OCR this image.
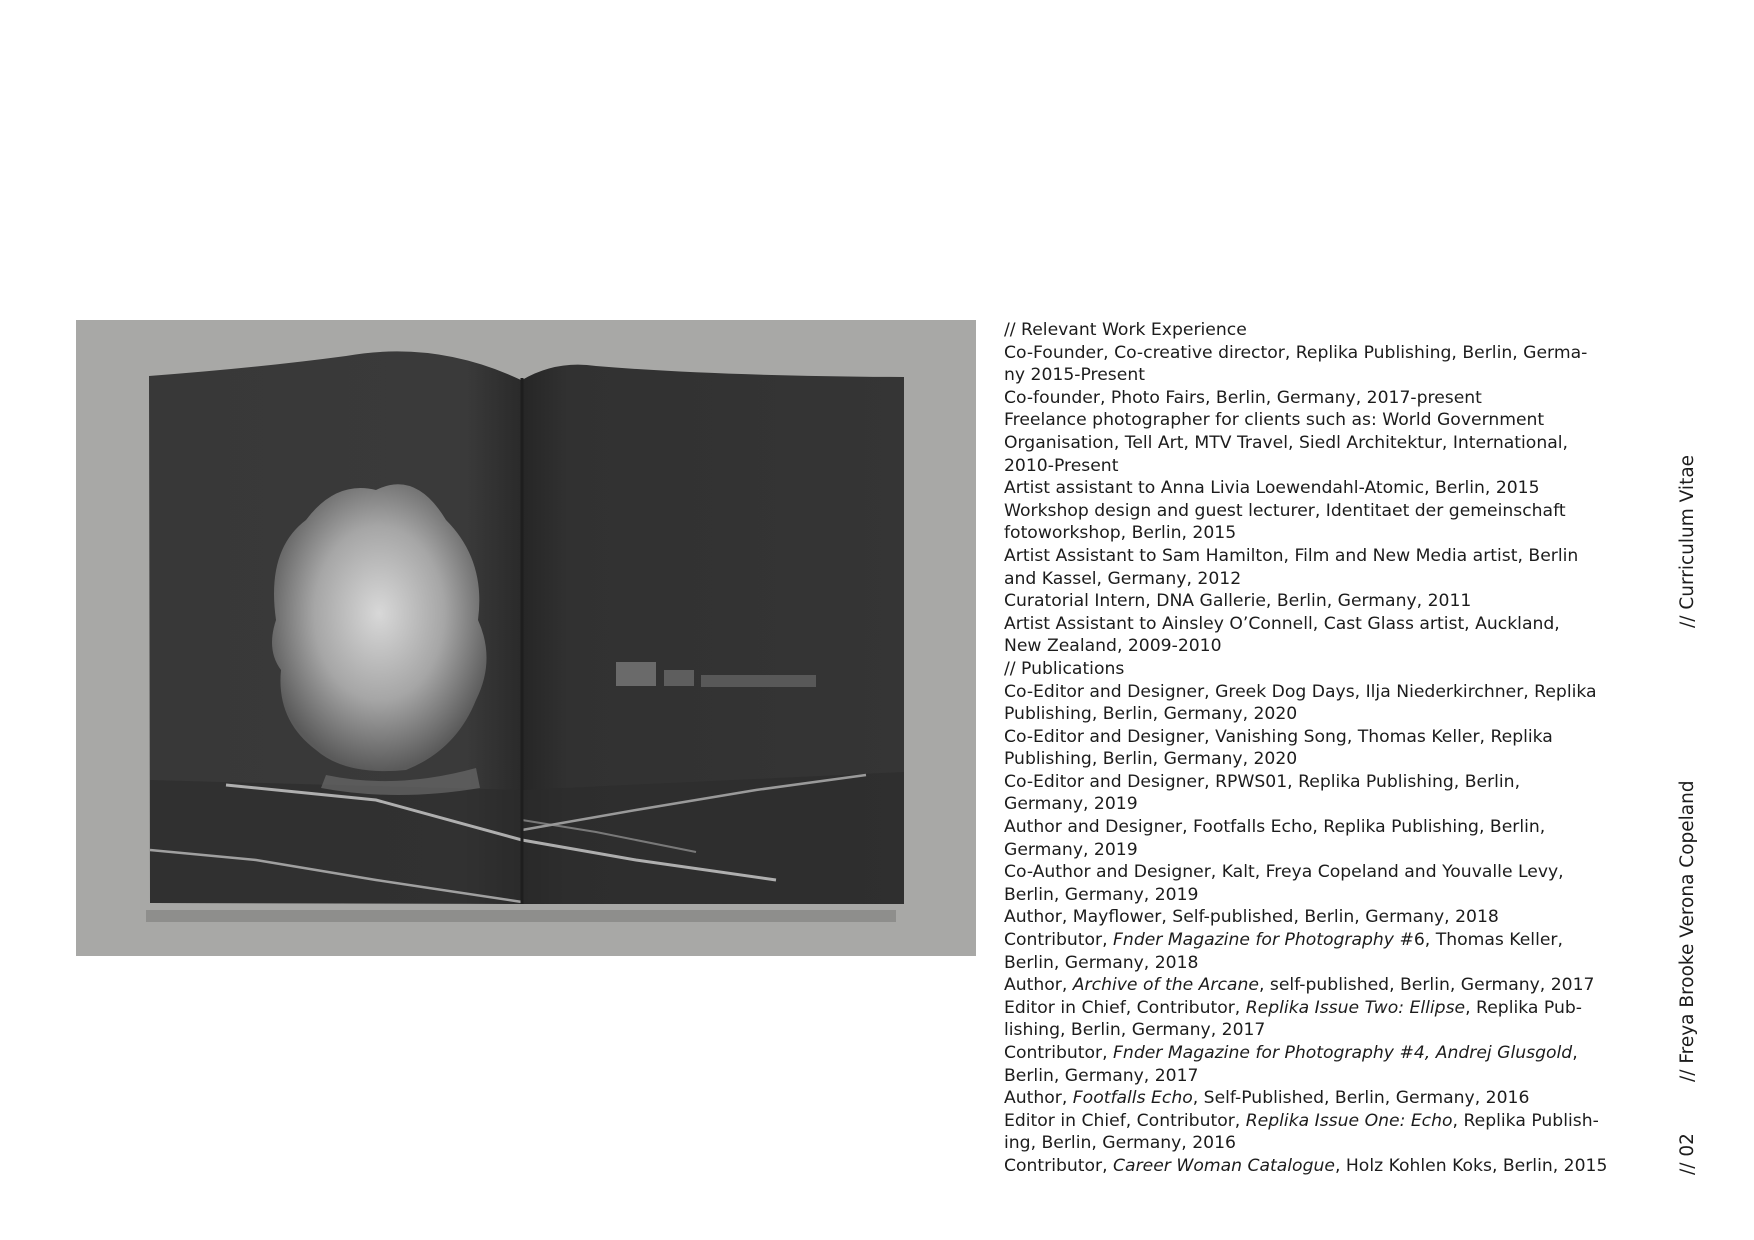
// Relevant Work Experience
Co-Founder, Co-creative director, Replika Publishing, Berlin, Germa-
ny 2015-Present
Co-founder, Photo Fairs, Berlin, Germany, 2017-present
Freelance photographer for clients such as: World Government
Organisation, Tell Art, MTV Travel, Siedl Architektur, International,
2010-Present
Artist assistant to Anna Livia Loewendahl-Atomic, Berlin, 2015
Workshop design and guest lecturer, Identitaet der gemeinschaft
fotoworkshop, Berlin, 2015
Artist Assistant to Sam Hamilton, Film and New Media artist, Berlin
and Kassel, Germany, 2012
Curatorial Intern, DNA Gallerie, Berlin, Germany, 2011
Artist Assistant to Ainsley O’Connell, Cast Glass artist, Auckland,
New Zealand, 2009-2010
// Publications
Co-Editor and Designer, Greek Dog Days, Ilja Niederkirchner, Replika
Publishing, Berlin, Germany, 2020
Co-Editor and Designer, Vanishing Song, Thomas Keller, Replika
Publishing, Berlin, Germany, 2020
Co-Editor and Designer, RPWS01, Replika Publishing, Berlin,
Germany, 2019
Author and Designer, Footfalls Echo, Replika Publishing, Berlin,
Germany, 2019
Co-Author and Designer, Kalt, Freya Copeland and Youvalle Levy,
Berlin, Germany, 2019
Author, Mayflower, Self-published, Berlin, Germany, 2018
Contributor, Fnder Magazine for Photography #6, Thomas Keller,
Berlin, Germany, 2018
Author, Archive of the Arcane, self-published, Berlin, Germany, 2017
Editor in Chief, Contributor, Replika Issue Two: Ellipse, Replika Pub-
lishing, Berlin, Germany, 2017
Contributor, Fnder Magazine for Photography #4, Andrej Glusgold,
Berlin, Germany, 2017
Author, Footfalls Echo, Self-Published, Berlin, Germany, 2016
Editor in Chief, Contributor, Replika Issue One: Echo, Replika Publish-
ing, Berlin, Germany, 2016
Contributor, Career Woman Catalogue, Holz Kohlen Koks, Berlin, 2015
// Curriculum Vitae
// Freya Brooke Verona Copeland
// 02
